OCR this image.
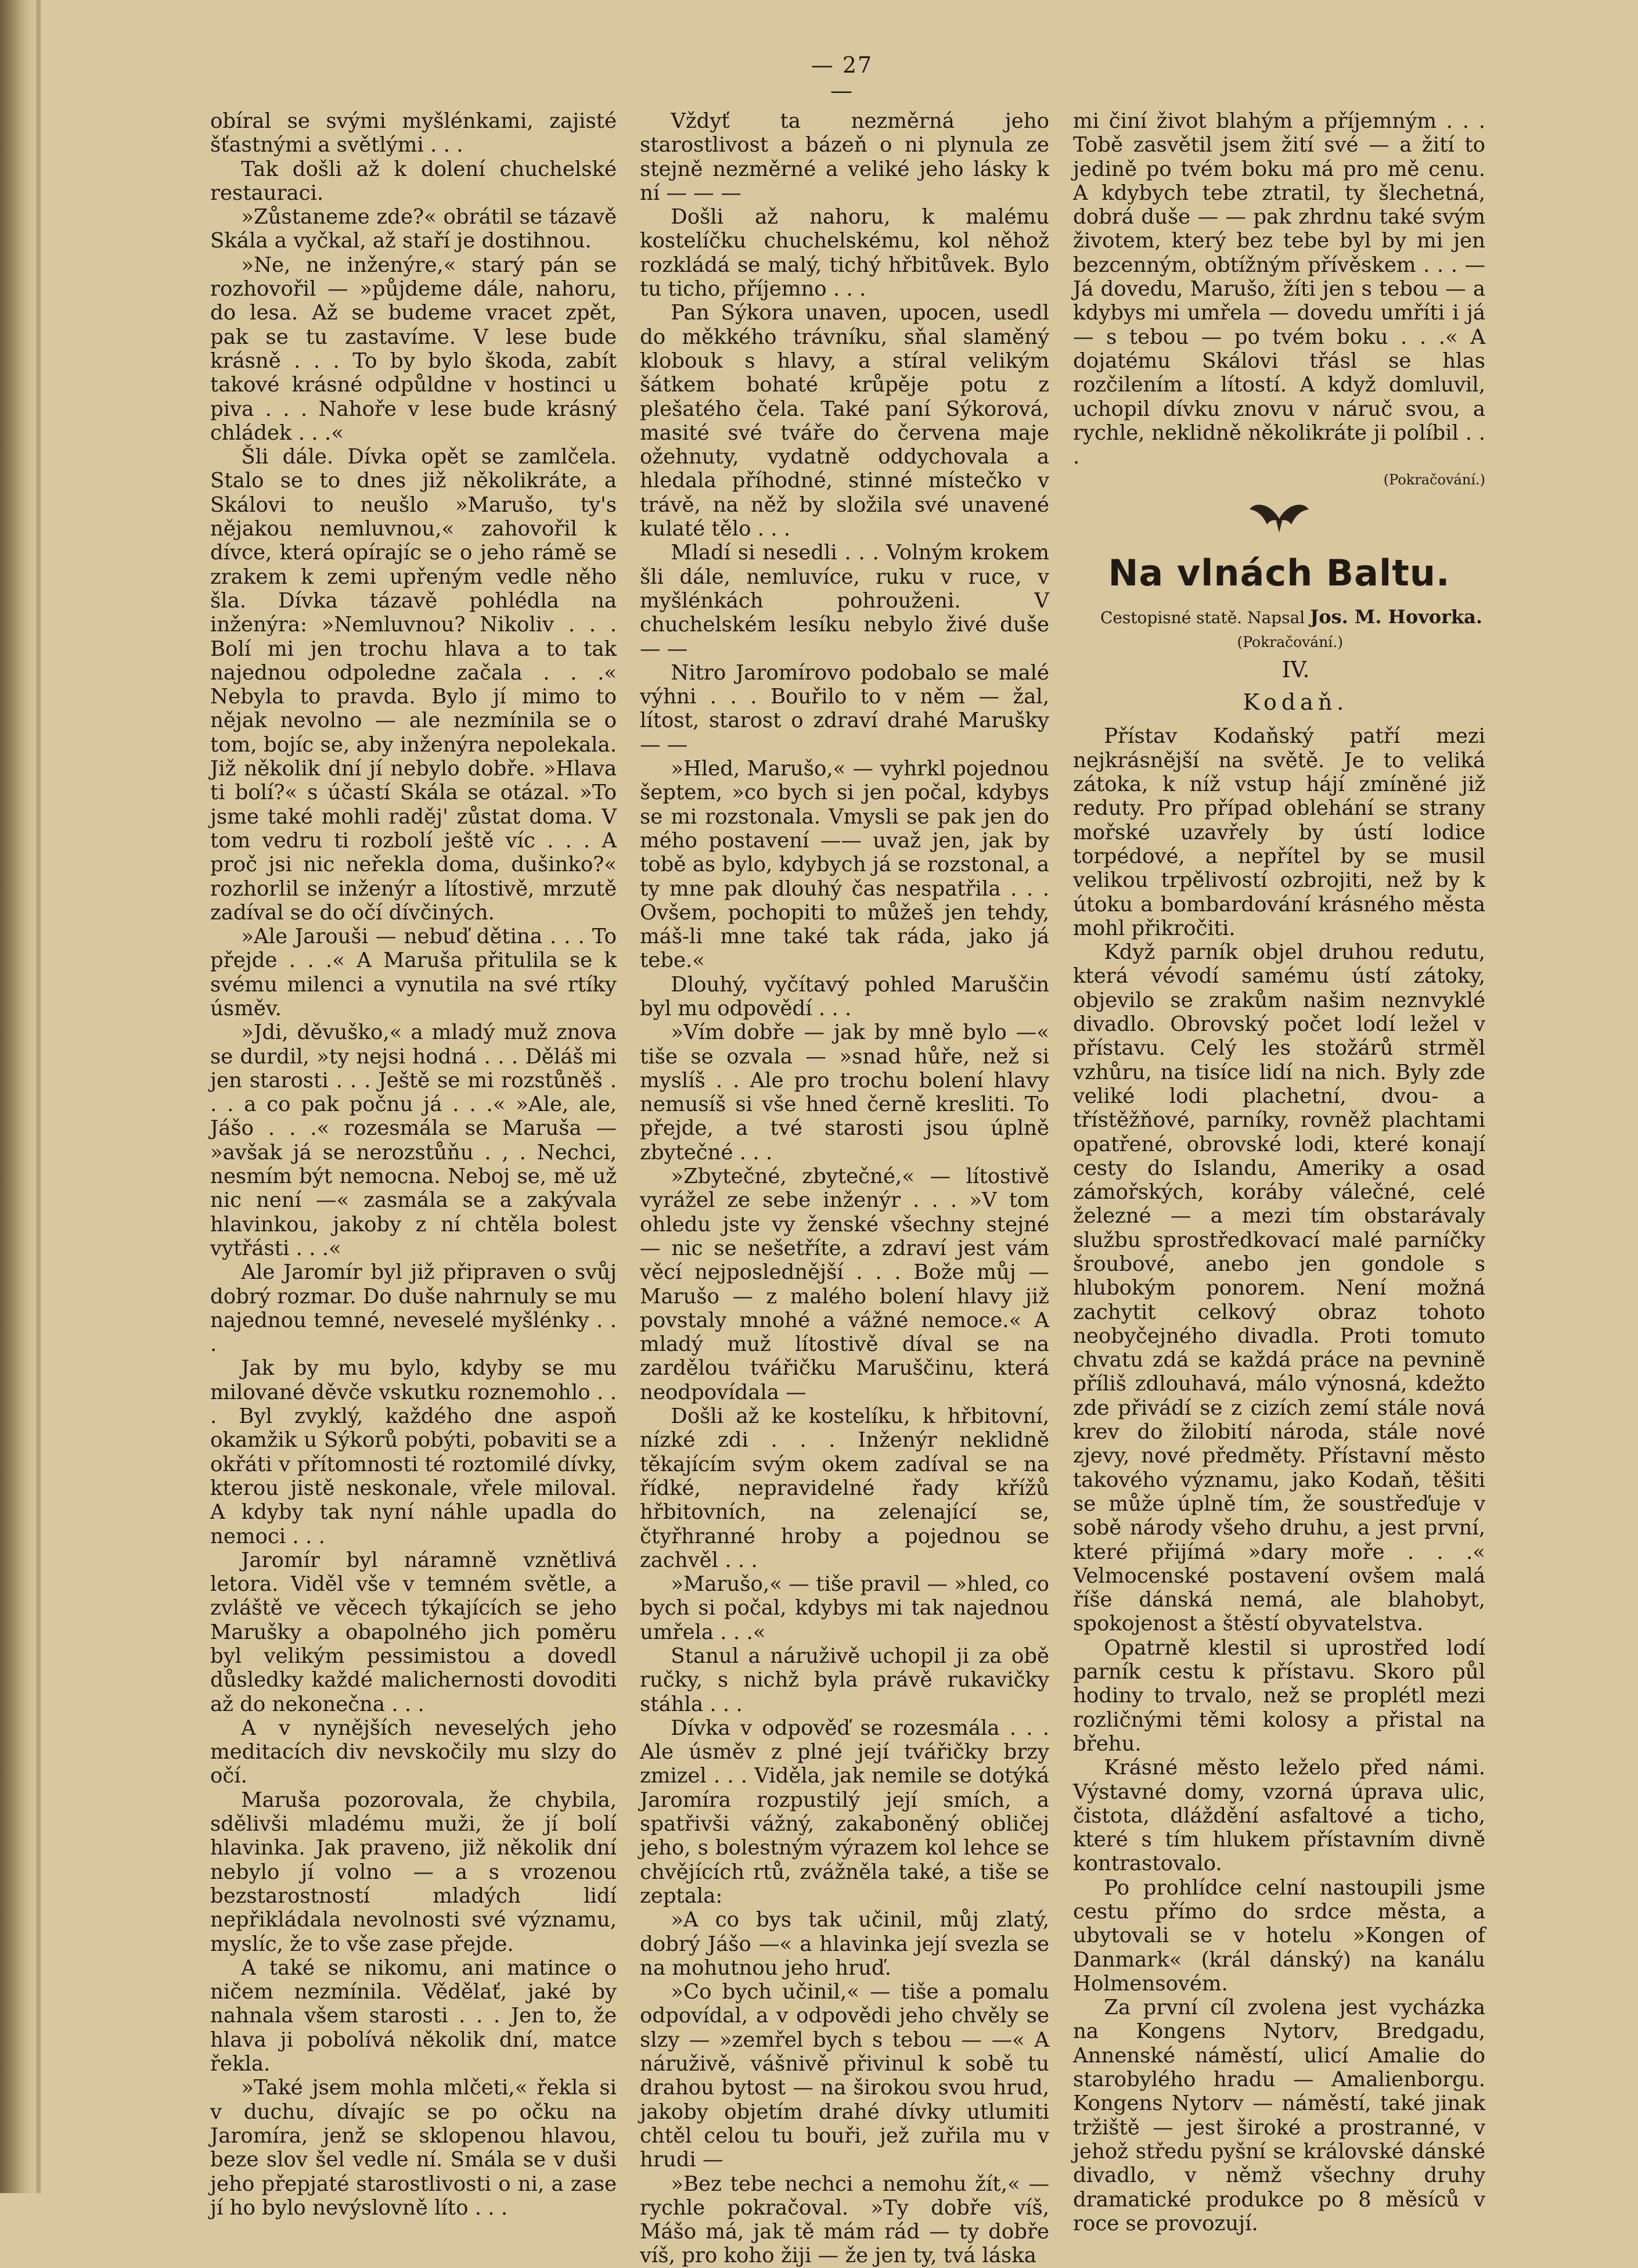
— 27 —

obíral se svými myšlénkami, zajisté šťastnými a světlými . . .

Tak došli až k dolení chuchelské restauraci.

»Zůstaneme zde?« obrátil se tázavě Skála a vyčkal, až staří je dostihnou.

»Ne, ne inženýre,« starý pán se rozhovořil — »půjdeme dále, nahoru, do lesa. Až se budeme vracet zpět, pak se tu zastavíme. V lese bude krásně . . . To by bylo škoda, zabít takové krásné odpůldne v hostinci u piva . . . Nahoře v lese bude krásný chládek . . .«

Šli dále. Dívka opět se zamlčela. Stalo se to dnes již několikráte, a Skálovi to neušlo »Marušo, ty's nějakou nemluvnou,« zahovořil k dívce, která opírajíc se o jeho rámě se zrakem k zemi upřeným vedle něho šla. Dívka tázavě pohlédla na inženýra: »Nemluvnou? Nikoliv . . . Bolí mi jen trochu hlava a to tak najednou odpoledne začala . . .« Nebyla to pravda. Bylo jí mimo to nějak nevolno — ale nezmínila se o tom, bojíc se, aby inženýra nepolekala. Již několik dní jí nebylo dobře. »Hlava ti bolí?« s účastí Skála se otázal. »To jsme také mohli raděj' zůstat doma. V tom vedru ti rozbolí ještě víc . . . A proč jsi nic neřekla doma, dušinko?« rozhorlil se inženýr a lítostivě, mrzutě zadíval se do očí dívčiných.

»Ale Jarouši — nebuď dětina . . . To přejde . . .« A Maruša přitulila se k svému milenci a vynutila na své rtíky úsměv.

»Jdi, děvuško,« a mladý muž znova se durdil, »ty nejsi hodná . . . Děláš mi jen starosti . . . Ještě se mi rozstůněš . . . a co pak počnu já . . .« »Ale, ale, Jášo . . .« rozesmála se Maruša — »avšak já se nerozstůňu . , . Nechci, nesmím být nemocna. Neboj se, mě už nic není —« zasmála se a zakývala hlavinkou, jakoby z ní chtěla bolest vytřásti . . .«

Ale Jaromír byl již připraven o svůj dobrý rozmar. Do duše nahrnuly se mu najednou temné, neveselé myšlénky . . .

Jak by mu bylo, kdyby se mu milované děvče vskutku roznemohlo . . . Byl zvyklý, každého dne aspoň okamžik u Sýkorů pobýti, pobaviti se a okřáti v přítomnosti té roztomilé dívky, kterou jistě neskonale, vřele miloval. A kdyby tak nyní náhle upadla do nemoci . . .

Jaromír byl náramně vznětlivá letora. Viděl vše v temném světle, a zvláště ve věcech týkajících se jeho Marušky a obapolného jich poměru byl velikým pessimistou a dovedl důsledky každé malichernosti dovoditi až do nekonečna . . .

A v nynějších neveselých jeho meditacích div nevskočily mu slzy do očí.

Maruša pozorovala, že chybila, sdělivši mladému muži, že jí bolí hlavinka. Jak praveno, již několik dní nebylo jí volno — a s vrozenou bezstarostností mladých lidí nepřikládala nevolnosti své významu, myslíc, že to vše zase přejde.

A také se nikomu, ani matince o ničem nezmínila. Vědělať, jaké by nahnala všem starosti . . . Jen to, že hlava ji pobolívá několik dní, matce řekla.

»Také jsem mohla mlčeti,« řekla si v duchu, dívajíc se po očku na Jaromíra, jenž se sklopenou hlavou, beze slov šel vedle ní. Smála se v duši jeho přepjaté starostlivosti o ni, a zase jí ho bylo nevýslovně líto . . .

Vždyť ta nezměrná jeho starostlivost a bázeň o ni plynula ze stejně nezměrné a veliké jeho lásky k ní — — —

Došli až nahoru, k malému kostelíčku chuchelskému, kol něhož rozkládá se malý, tichý hřbitůvek. Bylo tu ticho, příjemno . . .

Pan Sýkora unaven, upocen, usedl do měkkého trávníku, sňal slaměný klobouk s hlavy, a stíral velikým šátkem bohaté krůpěje potu z plešatého čela. Také paní Sýkorová, masité své tváře do červena maje ožehnuty, vydatně oddychovala a hledala příhodné, stinné místečko v trávě, na něž by složila své unavené kulaté tělo . . .

Mladí si nesedli . . . Volným krokem šli dále, nemluvíce, ruku v ruce, v myšlénkách pohrouženi. V chuchelském lesíku nebylo živé duše — —

Nitro Jaromírovo podobalo se malé výhni . . . Bouřilo to v něm — žal, lítost, starost o zdraví drahé Marušky — —

»Hled, Marušo,« — vyhrkl pojednou šeptem, »co bych si jen počal, kdybys se mi rozstonala. Vmysli se pak jen do mého postavení —— uvaž jen, jak by tobě as bylo, kdybych já se rozstonal, a ty mne pak dlouhý čas nespatřila . . . Ovšem, pochopiti to můžeš jen tehdy, máš-li mne také tak ráda, jako já tebe.«

Dlouhý, vyčítavý pohled Maruščin byl mu odpovědí . . .

»Vím dobře — jak by mně bylo —« tiše se ozvala — »snad hůře, než si myslíš . . Ale pro trochu bolení hlavy nemusíš si vše hned černě kresliti. To přejde, a tvé starosti jsou úplně zbytečné . . .

»Zbytečné, zbytečné,« — lítostivě vyrážel ze sebe inženýr . . . »V tom ohledu jste vy ženské všechny stejné — nic se nešetříte, a zdraví jest vám věcí nejposlednější . . . Bože můj — Marušo — z malého bolení hlavy již povstaly mnohé a vážné nemoce.« A mladý muž lítostivě díval se na zardělou tvářičku Maruščinu, která neodpovídala —

Došli až ke kostelíku, k hřbitovní, nízké zdi . . . Inženýr neklidně těkajícím svým okem zadíval se na řídké, nepravidelné řady křížů hřbitovních, na zelenající se, čtyřhranné hroby a pojednou se zachvěl . . .

»Marušo,« — tiše pravil — »hled, co bych si počal, kdybys mi tak najednou umřela . . .«

Stanul a náruživě uchopil ji za obě ručky, s nichž byla právě rukavičky stáhla . . .

Dívka v odpověď se rozesmála . . . Ale úsměv z plné její tvářičky brzy zmizel . . . Viděla, jak nemile se dotýká Jaromíra rozpustilý její smích, a spatřivši vážný, zakaboněný obličej jeho, s bolestným výrazem kol lehce se chvějících rtů, zvážněla také, a tiše se zeptala:

»A co bys tak učinil, můj zlatý, dobrý Jášo —« a hlavinka její svezla se na mohutnou jeho hruď.

»Co bych učinil,« — tiše a pomalu odpovídal, a v odpovědi jeho chvěly se slzy — »zemřel bych s tebou — —« A náruživě, vášnivě přivinul k sobě tu drahou bytost — na širokou svou hrud, jakoby objetím drahé dívky utlumiti chtěl celou tu bouři, jež zuřila mu v hrudi —

»Bez tebe nechci a nemohu žít,« — rychle pokračoval. »Ty dobře víš, Mášo má, jak tě mám rád — ty dobře víš, pro koho žiji — že jen ty, tvá láska

mi činí život blahým a příjemným . . . Tobě zasvětil jsem žití své — a žití to jedině po tvém boku má pro mě cenu. A kdybych tebe ztratil, ty šlechetná, dobrá duše — — pak zhrdnu také svým životem, který bez tebe byl by mi jen bezcenným, obtížným přívěskem . . . — Já dovedu, Marušo, žíti jen s tebou — a kdybys mi umřela — dovedu umříti i já — s tebou — po tvém boku . . .« A dojatému Skálovi třásl se hlas rozčilením a lítostí. A když domluvil, uchopil dívku znovu v náruč svou, a rychle, neklidně několikráte ji políbil . . .

(Pokračování.)

Na vlnách Baltu.

Cestopisné statě. Napsal Jos. M. Hovorka.

(Pokračování.)

IV.

Kodaň.

Přístav Kodaňský patří mezi nejkrásnější na světě. Je to veliká zátoka, k níž vstup hájí zmíněné již reduty. Pro případ oblehání se strany mořské uzavřely by ústí lodice torpédové, a nepřítel by se musil velikou trpělivostí ozbrojiti, než by k útoku a bombardování krásného města mohl přikročiti.

Když parník objel druhou redutu, která vévodí samému ústí zátoky, objevilo se zrakům našim neznvyklé divadlo. Obrovský počet lodí ležel v přístavu. Celý les stožárů strměl vzhůru, na tisíce lidí na nich. Byly zde veliké lodi plachetní, dvou- a třístěžňové, parníky, rovněž plachtami opatřené, obrovské lodi, které konají cesty do Islandu, Ameriky a osad zámořských, koráby válečné, celé železné — a mezi tím obstarávaly službu sprostředkovací malé parníčky šroubové, anebo jen gondole s hlubokým ponorem. Není možná zachytit celkový obraz tohoto neobyčejného divadla. Proti tomuto chvatu zdá se každá práce na pevnině příliš zdlouhavá, málo výnosná, kdežto zde přivádí se z cizích zemí stále nová krev do žilobití národa, stále nové zjevy, nové předměty. Přístavní město takového významu, jako Kodaň, těšiti se může úplně tím, že soustřeďuje v sobě národy všeho druhu, a jest první, které přijímá »dary moře . . .« Velmocenské postavení ovšem malá říše dánská nemá, ale blahobyt, spokojenost a štěstí obyvatelstva.

Opatrně klestil si uprostřed lodí parník cestu k přístavu. Skoro půl hodiny to trvalo, než se proplétl mezi rozličnými těmi kolosy a přistal na břehu.

Krásné město leželo před námi. Výstavné domy, vzorná úprava ulic, čistota, dláždění asfaltové a ticho, které s tím hlukem přístavním divně kontrastovalo.

Po prohlídce celní nastoupili jsme cestu přímo do srdce města, a ubytovali se v hotelu »Kongen of Danmark« (král dánský) na kanálu Holmensovém.

Za první cíl zvolena jest vycházka na Kongens Nytorv, Bredgadu, Annenské náměstí, ulicí Amalie do starobylého hradu — Amalienborgu. Kongens Nytorv — náměstí, také jinak tržiště — jest široké a prostranné, v jehož středu pyšní se královské dánské divadlo, v němž všechny druhy dramatické produkce po 8 měsíců v roce se provozují.
